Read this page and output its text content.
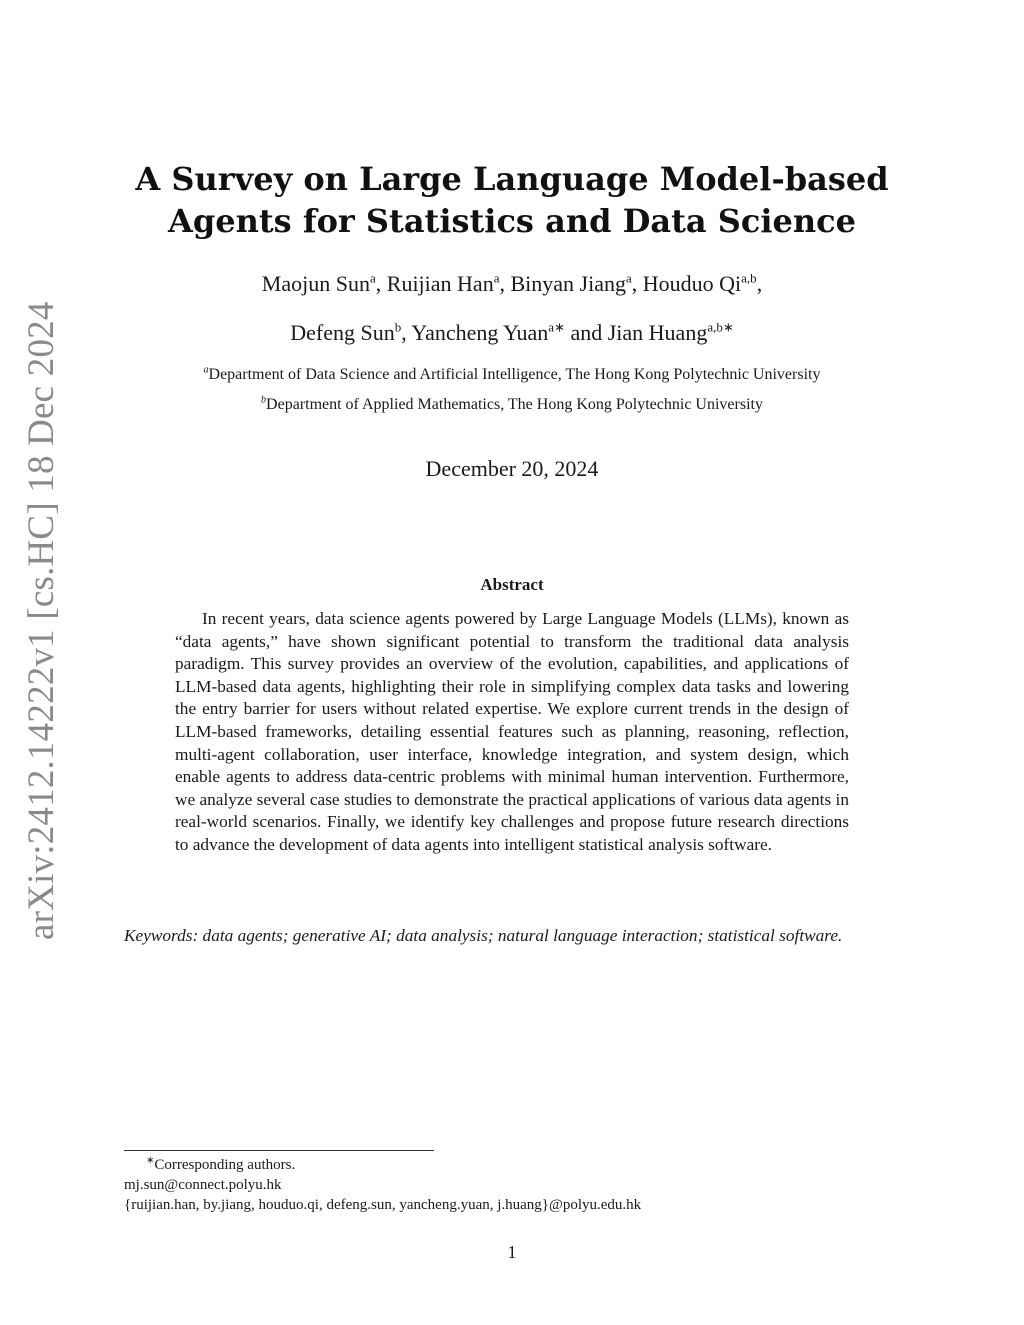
arXiv:2412.14222v1 [cs.HC] 18 Dec 2024
A Survey on Large Language Model-based
Agents for Statistics and Data Science
Maojun Sun$^a$, Ruijian Han$^a$, Binyan Jiang$^a$, Houduo Qi$^{a,b}$,
Defeng Sun$^b$, Yancheng Yuan$^{a∗}$ and Jian Huang$^{a,b∗}$
$^a$Department of Data Science and Artificial Intelligence, The Hong Kong Polytechnic University
$^b$Department of Applied Mathematics, The Hong Kong Polytechnic University
December 20, 2024
Abstract

In recent years, data science agents powered by Large Language Models (LLMs), known as “data agents,” have shown significant potential to transform the traditional data analysis paradigm. This survey provides an overview of the evolution, capabilities, and applications of LLM-based data agents, highlighting their role in simplifying complex data tasks and lowering the entry barrier for users without related expertise. We explore current trends in the design of LLM-based frameworks, detailing essential features such as planning, reasoning, reflection, multi-agent collaboration, user interface, knowledge integration, and system design, which enable agents to address data-centric problems with minimal human intervention. Furthermore, we analyze several case studies to demonstrate the practical applications of various data agents in real-world scenarios. Finally, we identify key challenges and propose future research directions to advance the development of data agents into intelligent statistical analysis software.

Keywords: data agents; generative AI; data analysis; natural language interaction; statistical software.
∗Corresponding authors.
mj.sun@connect.polyu.hk
{ruijian.han, by.jiang, houduo.qi, defeng.sun, yancheng.yuan, j.huang}@polyu.edu.hk
1
